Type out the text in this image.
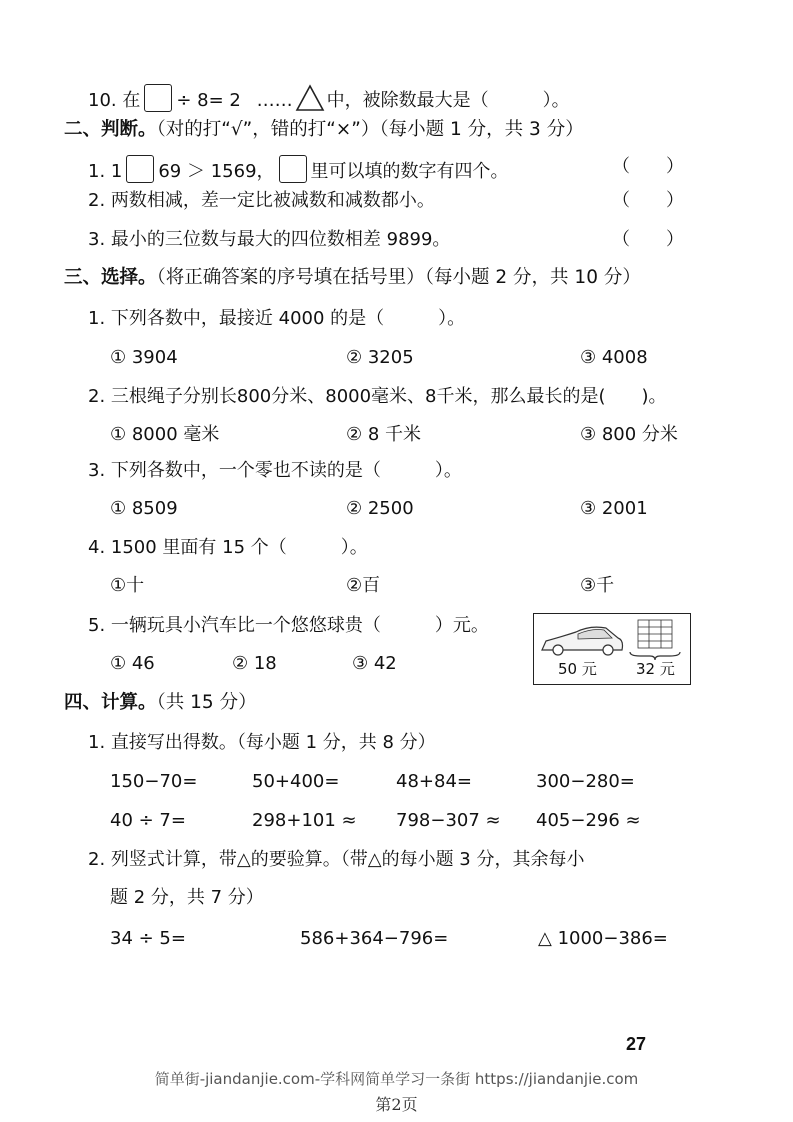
10. 在 ÷ 8= 2 …… 中，被除数最大是（　　　）。
二、判断。（对的打“√”，错的打“×”）（每小题 1 分，共 3 分）
1. 1 69 ＞ 1569， 里可以填的数字有四个。	（　　）
2. 两数相减，差一定比被减数和减数都小。	（　　）
3. 最小的三位数与最大的四位数相差 9899。	（　　）
三、选择。（将正确答案的序号填在括号里）（每小题 2 分，共 10 分）
1. 下列各数中，最接近 4000 的是（　　　）。
① 3904	② 3205	③ 4008
2. 三根绳子分别长800分米、8000毫米、8千米，那么最长的是(　　)。
① 8000 毫米	② 8 千米	③ 800 分米
3. 下列各数中，一个零也不读的是（　　　）。
① 8509	② 2500	③ 2001
4. 1500 里面有 15 个（　　　）。
①十	②百	③千
5. 一辆玩具小汽车比一个悠悠球贵（　　　）元。
① 46	② 18	③ 42	50 元	32 元
四、计算。（共 15 分）
1. 直接写出得数。（每小题 1 分，共 8 分）
150−70=	50+400=	48+84=	300−280=
40 ÷ 7=	298+101 ≈ 798−307 ≈ 405−296 ≈
2. 列竖式计算，带△的要验算。（带△的每小题 3 分，其余每小
题 2 分，共 7 分）
34 ÷ 5=	586+364−796=	△ 1000−386=
27
简单街-jiandanjie.com-学科网简单学习一条街 https://jiandanjie.com
第2页
